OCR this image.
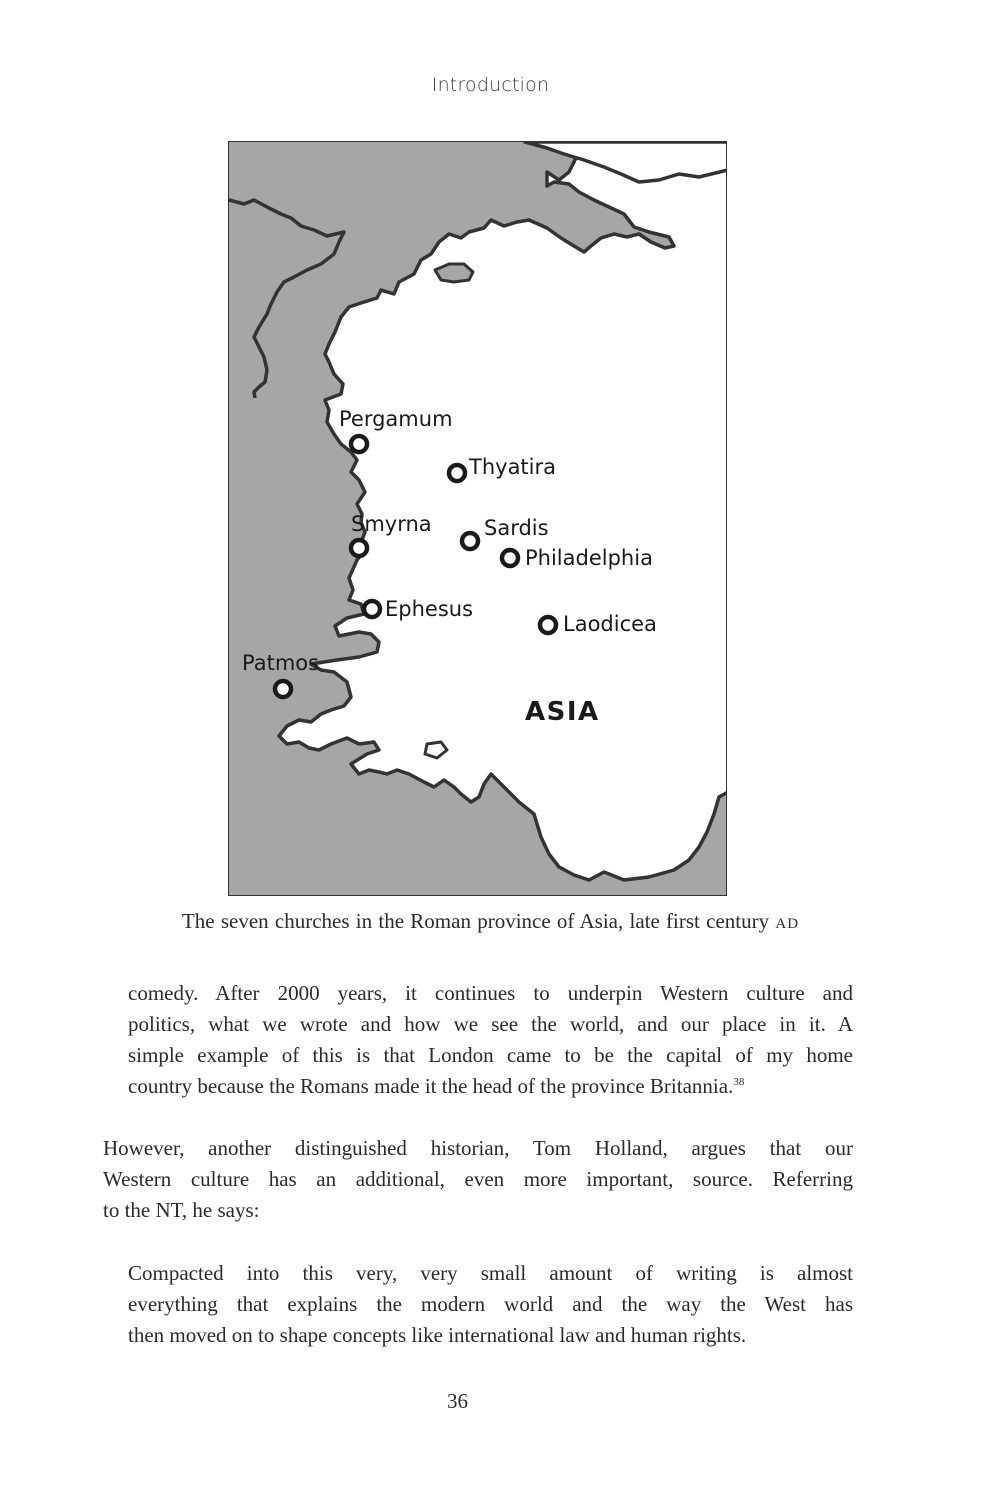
Introduction
Pergamum
Thyatira
Smyrna Sardis
Philadelphia
Ephesus
Laodicea
Patmos
ASIA
The seven churches in the Roman province of Asia, late first century AD

comedy. After 2000 years, it continues to underpin Western culture and
politics, what we wrote and how we see the world, and our place in it. A
simple example of this is that London came to be the capital of my home
country because the Romans made it the head of the province Britannia.$^{38}$

However, another distinguished historian, Tom Holland, argues that our
Western culture has an additional, even more important, source. Referring
to the NT, he says:

Compacted into this very, very small amount of writing is almost
everything that explains the modern world and the way the West has
then moved on to shape concepts like international law and human rights.

36
